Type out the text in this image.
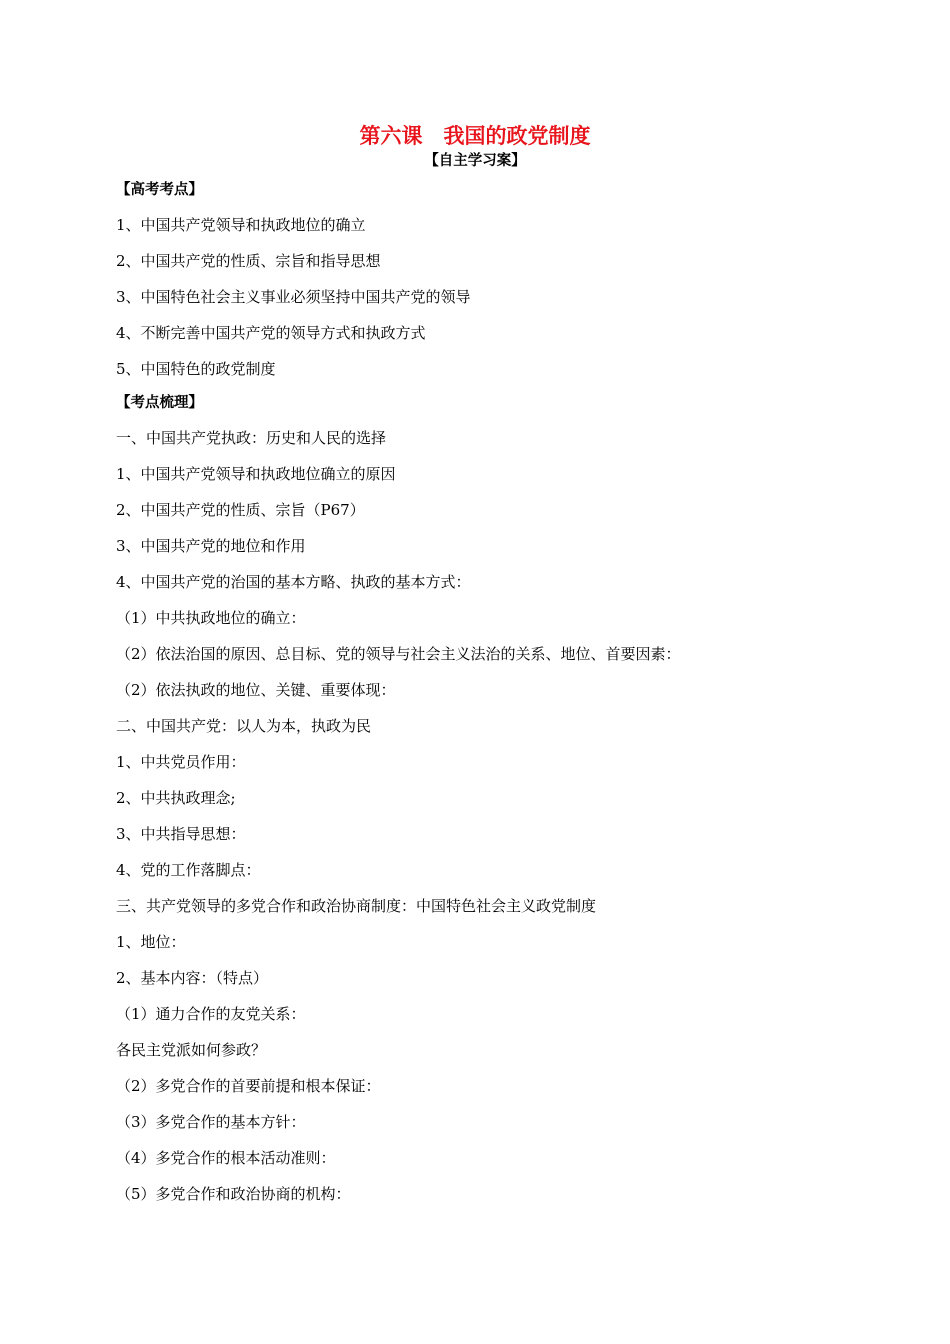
第六课　我国的政党制度
【自主学习案】
【高考考点】
1、中国共产党领导和执政地位的确立
2、中国共产党的性质、宗旨和指导思想
3、中国特色社会主义事业必须坚持中国共产党的领导
4、不断完善中国共产党的领导方式和执政方式
5、中国特色的政党制度
【考点梳理】
一、中国共产党执政：历史和人民的选择
1、中国共产党领导和执政地位确立的原因
2、中国共产党的性质、宗旨（P67）
3、中国共产党的地位和作用
4、中国共产党的治国的基本方略、执政的基本方式：
（1）中共执政地位的确立：
（2）依法治国的原因、总目标、党的领导与社会主义法治的关系、地位、首要因素：
（2）依法执政的地位、关键、重要体现：
二、中国共产党：以人为本，执政为民
1、中共党员作用：
2、中共执政理念;
3、中共指导思想：
4、党的工作落脚点：
三、共产党领导的多党合作和政治协商制度：中国特色社会主义政党制度
1、地位：
2、基本内容：（特点）
（1）通力合作的友党关系：
各民主党派如何参政？
（2）多党合作的首要前提和根本保证：
（3）多党合作的基本方针：
（4）多党合作的根本活动准则：
（5）多党合作和政治协商的机构：
